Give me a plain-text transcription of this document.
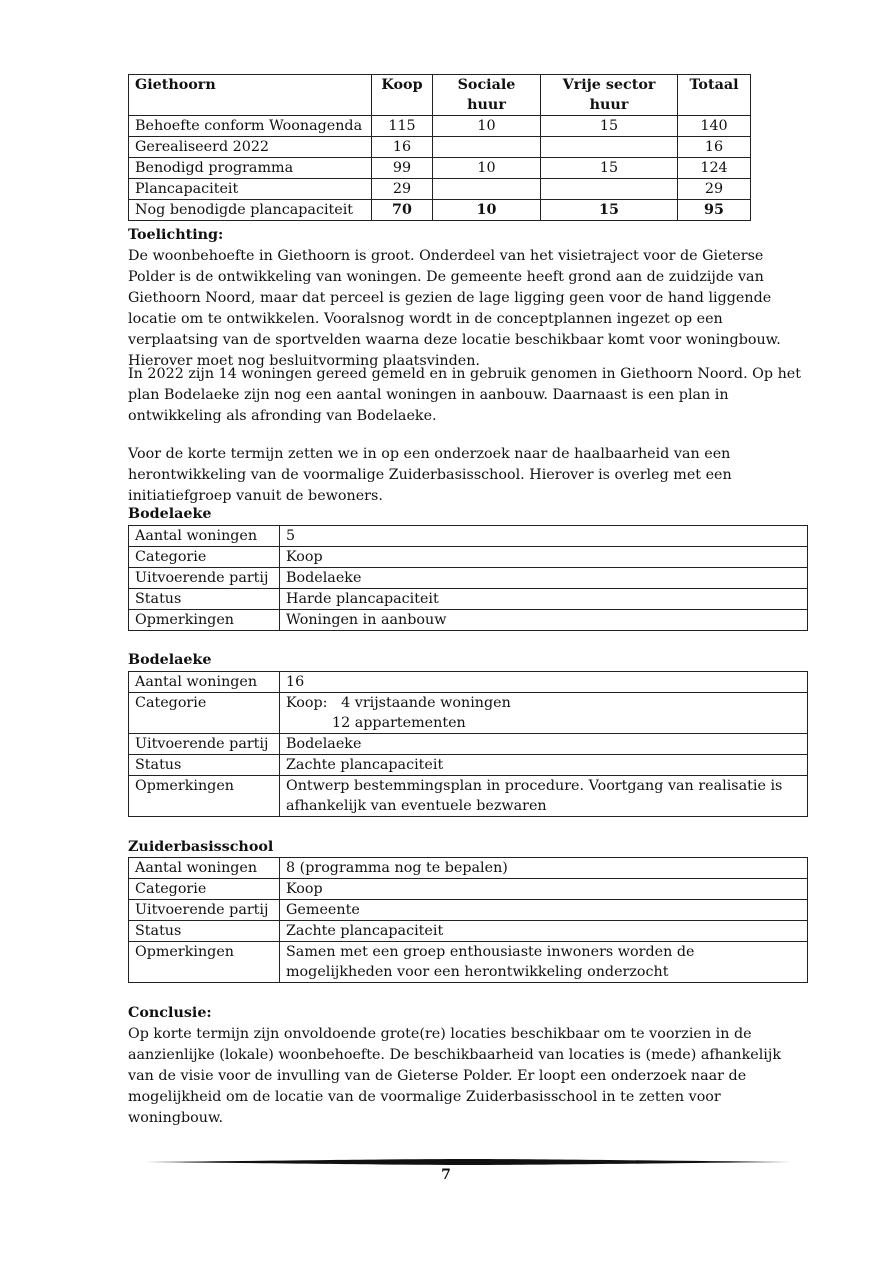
Giethoorn	Koop	Sociale huur	Vrije sector huur	Totaal
Behoefte conform Woonagenda	115	10	15	140
Gerealiseerd 2022	16			16
Benodigd programma	99	10	15	124
Plancapaciteit	29			29
Nog benodigde plancapaciteit	70	10	15	95

Toelichting:
De woonbehoefte in Giethoorn is groot. Onderdeel van het visietraject voor de Gieterse Polder is de ontwikkeling van woningen. De gemeente heeft grond aan de zuidzijde van Giethoorn Noord, maar dat perceel is gezien de lage ligging geen voor de hand liggende locatie om te ontwikkelen. Vooralsnog wordt in de conceptplannen ingezet op een verplaatsing van de sportvelden waarna deze locatie beschikbaar komt voor woningbouw. Hierover moet nog besluitvorming plaatsvinden.

In 2022 zijn 14 woningen gereed gemeld en in gebruik genomen in Giethoorn Noord. Op het plan Bodelaeke zijn nog een aantal woningen in aanbouw. Daarnaast is een plan in ontwikkeling als afronding van Bodelaeke.

Voor de korte termijn zetten we in op een onderzoek naar de haalbaarheid van een herontwikkeling van de voormalige Zuiderbasisschool. Hierover is overleg met een initiatiefgroep vanuit de bewoners.

Bodelaeke

Aantal woningen	5
Categorie	Koop
Uitvoerende partij	Bodelaeke
Status	Harde plancapaciteit
Opmerkingen	Woningen in aanbouw

Bodelaeke

Aantal woningen	16
Categorie	Koop:   4 vrijstaande woningen

12 appartementen

Uitvoerende partij	Bodelaeke
Status	Zachte plancapaciteit
Opmerkingen	Ontwerp bestemmingsplan in procedure. Voortgang van realisatie is afhankelijk van eventuele bezwaren

Zuiderbasisschool

Aantal woningen	8 (programma nog te bepalen)
Categorie	Koop
Uitvoerende partij	Gemeente
Status	Zachte plancapaciteit
Opmerkingen	Samen met een groep enthousiaste inwoners worden de mogelijkheden voor een herontwikkeling onderzocht

Conclusie:
Op korte termijn zijn onvoldoende grote(re) locaties beschikbaar om te voorzien in de aanzienlijke (lokale) woonbehoefte. De beschikbaarheid van locaties is (mede) afhankelijk van de visie voor de invulling van de Gieterse Polder. Er loopt een onderzoek naar de mogelijkheid om de locatie van de voormalige Zuiderbasisschool in te zetten voor woningbouw.

7
